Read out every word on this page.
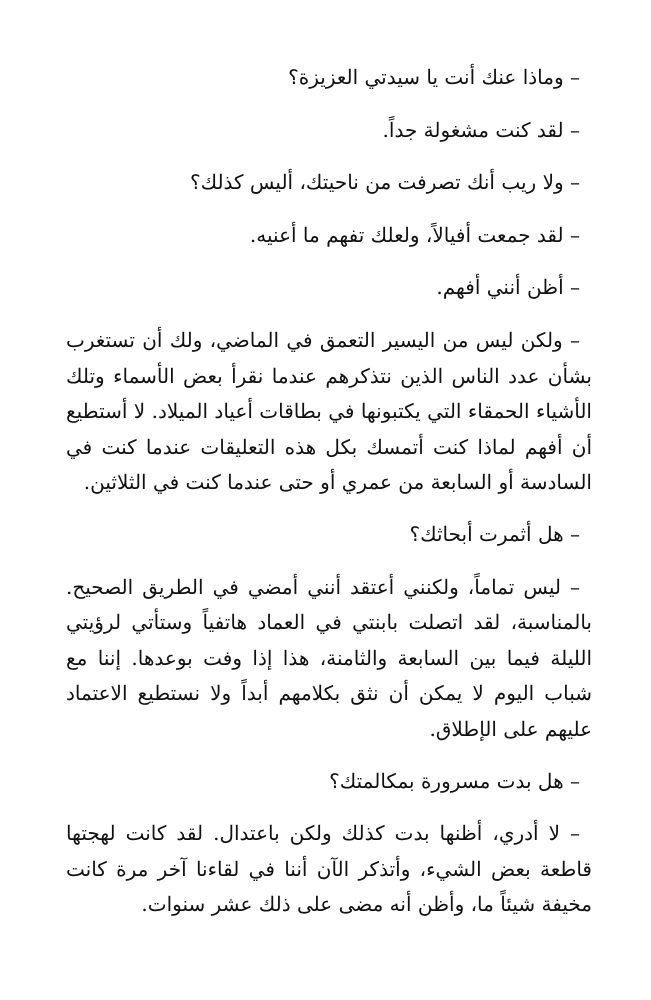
– وماذا عنك أنت يا سيدتي العزيزة؟

– لقد كنت مشغولة جداً.

– ولا ريب أنك تصرفت من ناحيتك، أليس كذلك؟

– لقد جمعت أفيالاً، ولعلك تفهم ما أعنيه.

– أظن أنني أفهم.

– ولكن ليس من اليسير التعمق في الماضي، ولك أن تستغرب بشأن عدد الناس الذين نتذكرهم عندما نقرأ بعض الأسماء وتلك الأشياء الحمقاء التي يكتبونها في بطاقات أعياد الميلاد. لا أستطيع أن أفهم لماذا كنت أتمسك بكل هذه التعليقات عندما كنت في السادسة أو السابعة من عمري أو حتى عندما كنت في الثلاثين.

– هل أثمرت أبحاثك؟

– ليس تماماً، ولكنني أعتقد أنني أمضي في الطريق الصحيح. بالمناسبة، لقد اتصلت بابنتي في العماد هاتفياً وستأتي لرؤيتي الليلة فيما بين السابعة والثامنة، هذا إذا وفت بوعدها. إننا مع شباب اليوم لا يمكن أن نثق بكلامهم أبداً ولا نستطيع الاعتماد عليهم على الإطلاق.

– هل بدت مسرورة بمكالمتك؟

– لا أدري، أظنها بدت كذلك ولكن باعتدال. لقد كانت لهجتها قاطعة بعض الشيء، وأتذكر الآن أننا في لقاءنا آخر مرة كانت مخيفة شيئاً ما، وأظن أنه مضى على ذلك عشر سنوات.
